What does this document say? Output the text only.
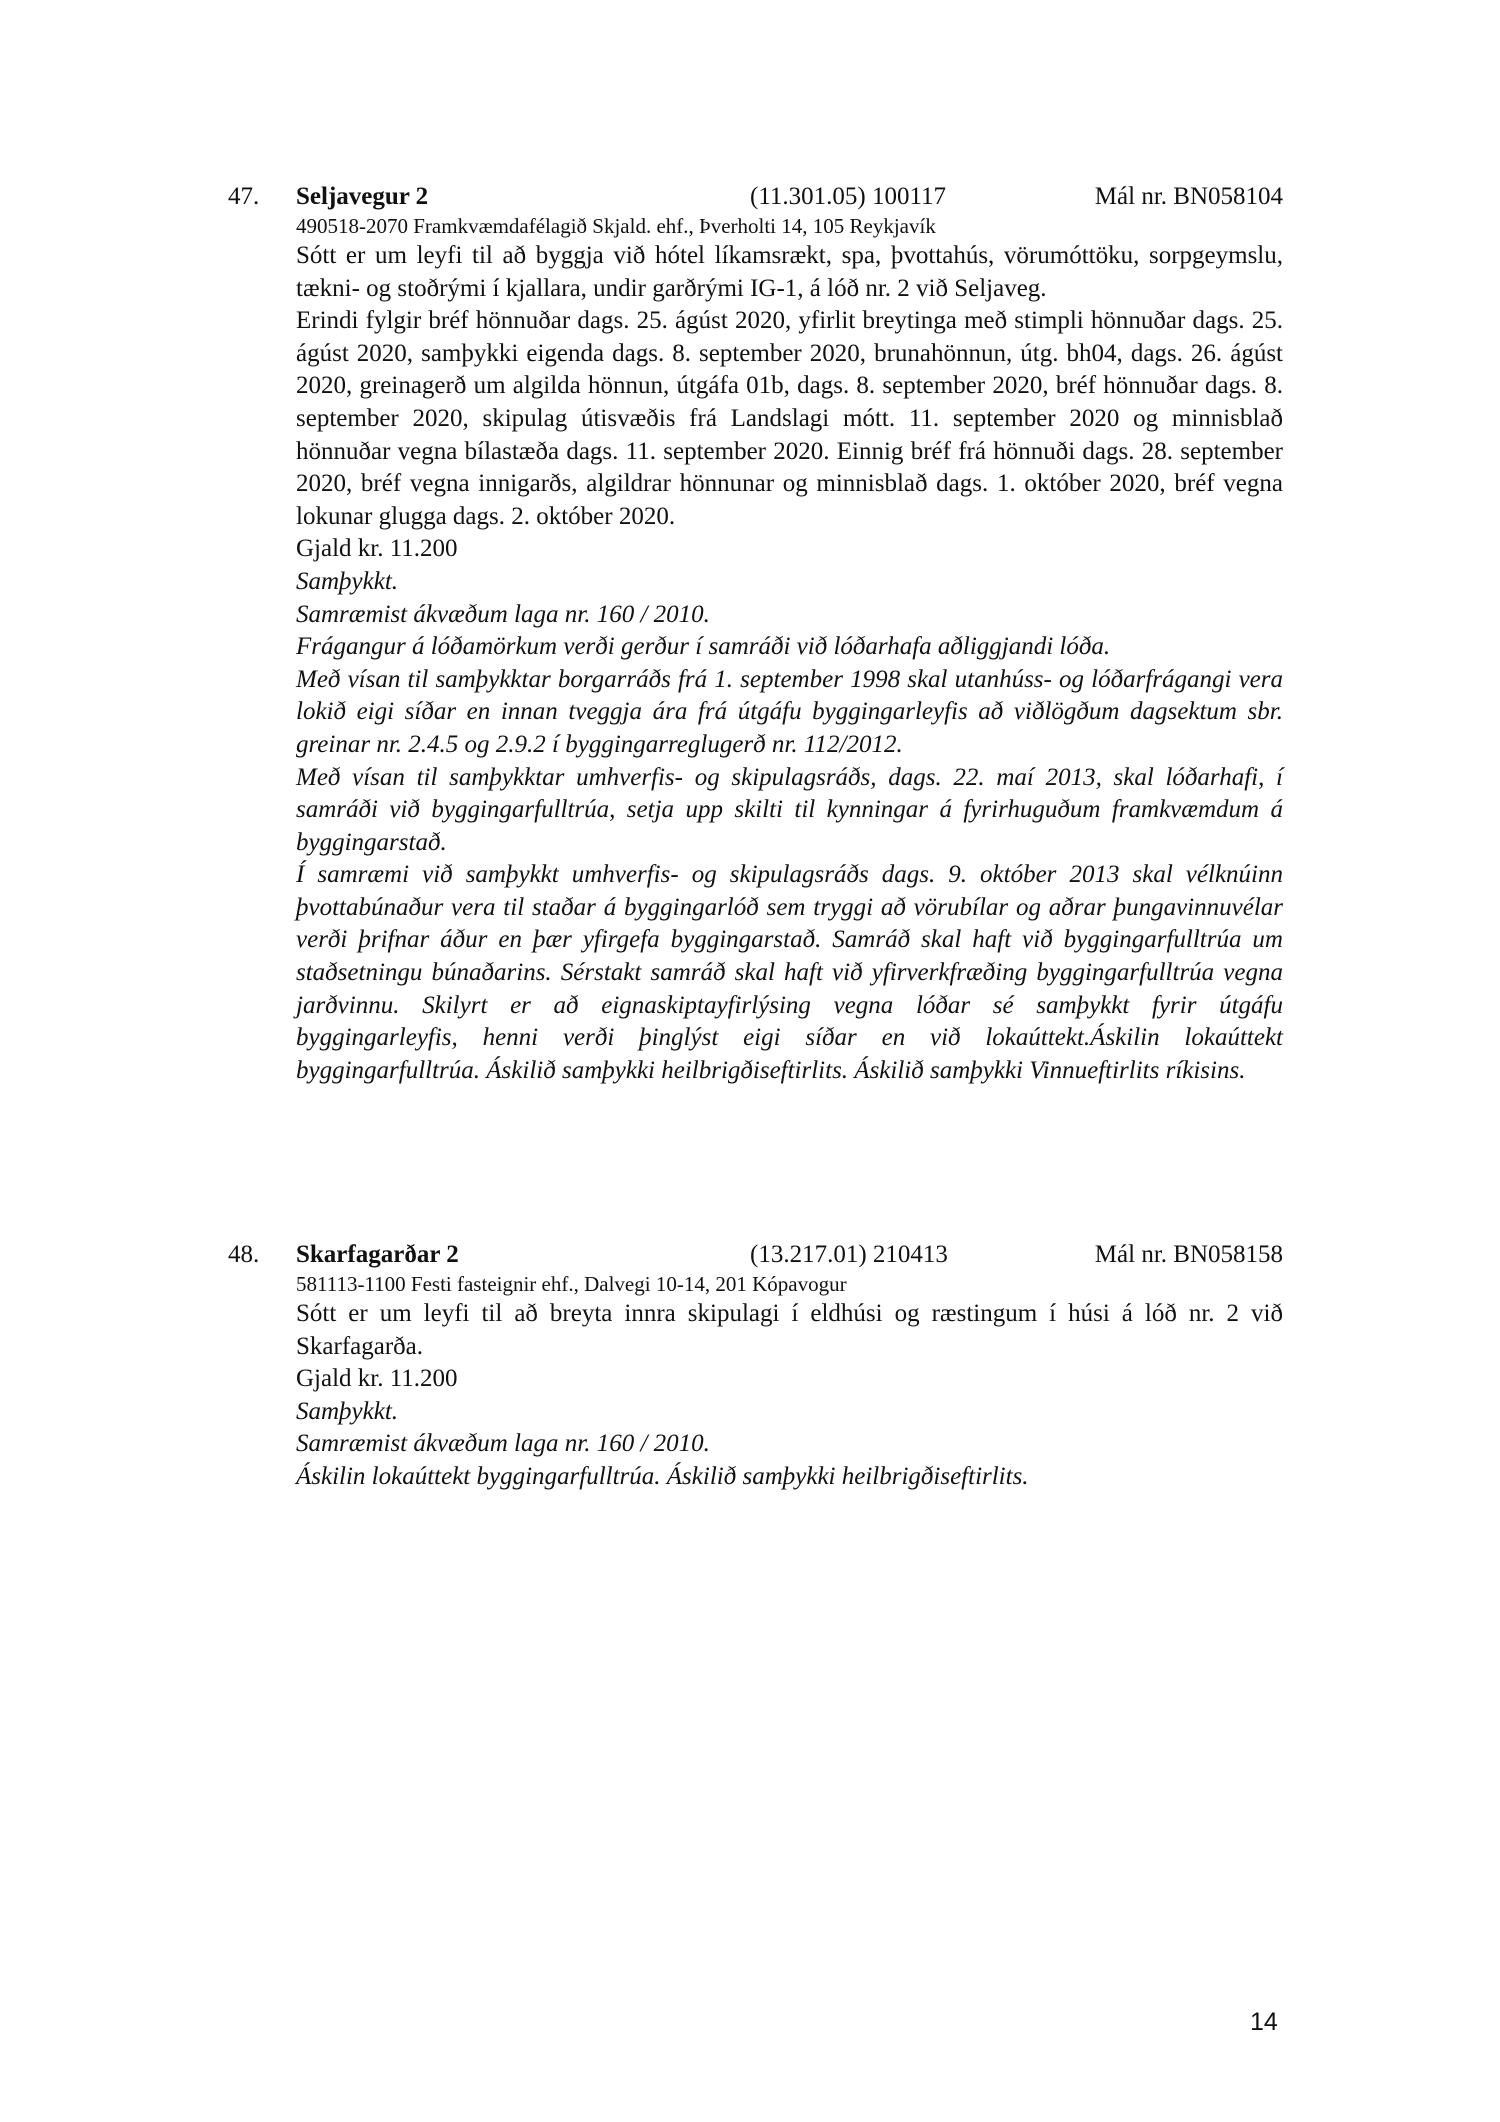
47. Seljavegur 2	(11.301.05) 100117	Mál nr. BN058104
490518-2070 Framkvæmdafélagið Skjald. ehf., Þverholti 14, 105 Reykjavík

Sótt er um leyfi til að byggja við hótel líkamsrækt, spa, þvottahús, vörumóttöku, sorpgeymslu, tækni- og stoðrými í kjallara, undir garðrými IG-1, á lóð nr. 2 við Seljaveg.

Erindi fylgir bréf hönnuðar dags. 25. ágúst 2020, yfirlit breytinga með stimpli hönnuðar dags. 25. ágúst 2020, samþykki eigenda dags. 8. september 2020, brunahönnun, útg. bh04, dags. 26. ágúst 2020, greinagerð um algilda hönnun, útgáfa 01b, dags. 8. september 2020, bréf hönnuðar dags. 8. september 2020, skipulag útisvæðis frá Landslagi mótt. 11. september 2020 og minnisblað hönnuðar vegna bílastæða dags. 11. september 2020. Einnig bréf frá hönnuði dags. 28. september 2020, bréf vegna innigarðs, algildrar hönnunar og minnisblað dags. 1. október 2020, bréf vegna lokunar glugga dags. 2. október 2020.

Gjald kr. 11.200

Samþykkt.

Samræmist ákvæðum laga nr. 160 / 2010.

Frágangur á lóðamörkum verði gerður í samráði við lóðarhafa aðliggjandi lóða.

Með vísan til samþykktar borgarráðs frá 1. september 1998 skal utanhúss- og lóðarfrágangi vera lokið eigi síðar en innan tveggja ára frá útgáfu byggingarleyfis að viðlögðum dagsektum sbr. greinar nr. 2.4.5 og 2.9.2 í byggingarreglugerð nr. 112/2012.

Með vísan til samþykktar umhverfis- og skipulagsráðs, dags. 22. maí 2013, skal lóðarhafi, í samráði við byggingarfulltrúa, setja upp skilti til kynningar á fyrirhuguðum framkvæmdum á byggingarstað.

Í samræmi við samþykkt umhverfis- og skipulagsráðs dags. 9. október 2013 skal vélknúinn þvottabúnaður vera til staðar á byggingarlóð sem tryggi að vörubílar og aðrar þungavinnuvélar verði þrifnar áður en þær yfirgefa byggingarstað. Samráð skal haft við byggingarfulltrúa um staðsetningu búnaðarins. Sérstakt samráð skal haft við yfirverkfræðing byggingarfulltrúa vegna jarðvinnu. Skilyrt er að eignaskiptayfirlýsing vegna lóðar sé samþykkt fyrir útgáfu byggingarleyfis, henni verði þinglýst eigi síðar en við lokaúttekt.Áskilin lokaúttekt byggingarfulltrúa. Áskilið samþykki heilbrigðiseftirlits. Áskilið samþykki Vinnueftirlits ríkisins.

48. Skarfagarðar 2	(13.217.01) 210413	Mál nr. BN058158
581113-1100 Festi fasteignir ehf., Dalvegi 10-14, 201 Kópavogur

Sótt er um leyfi til að breyta innra skipulagi í eldhúsi og ræstingum í húsi á lóð nr. 2 við Skarfagarða.

Gjald kr. 11.200

Samþykkt.

Samræmist ákvæðum laga nr. 160 / 2010.

Áskilin lokaúttekt byggingarfulltrúa. Áskilið samþykki heilbrigðiseftirlits.

14
